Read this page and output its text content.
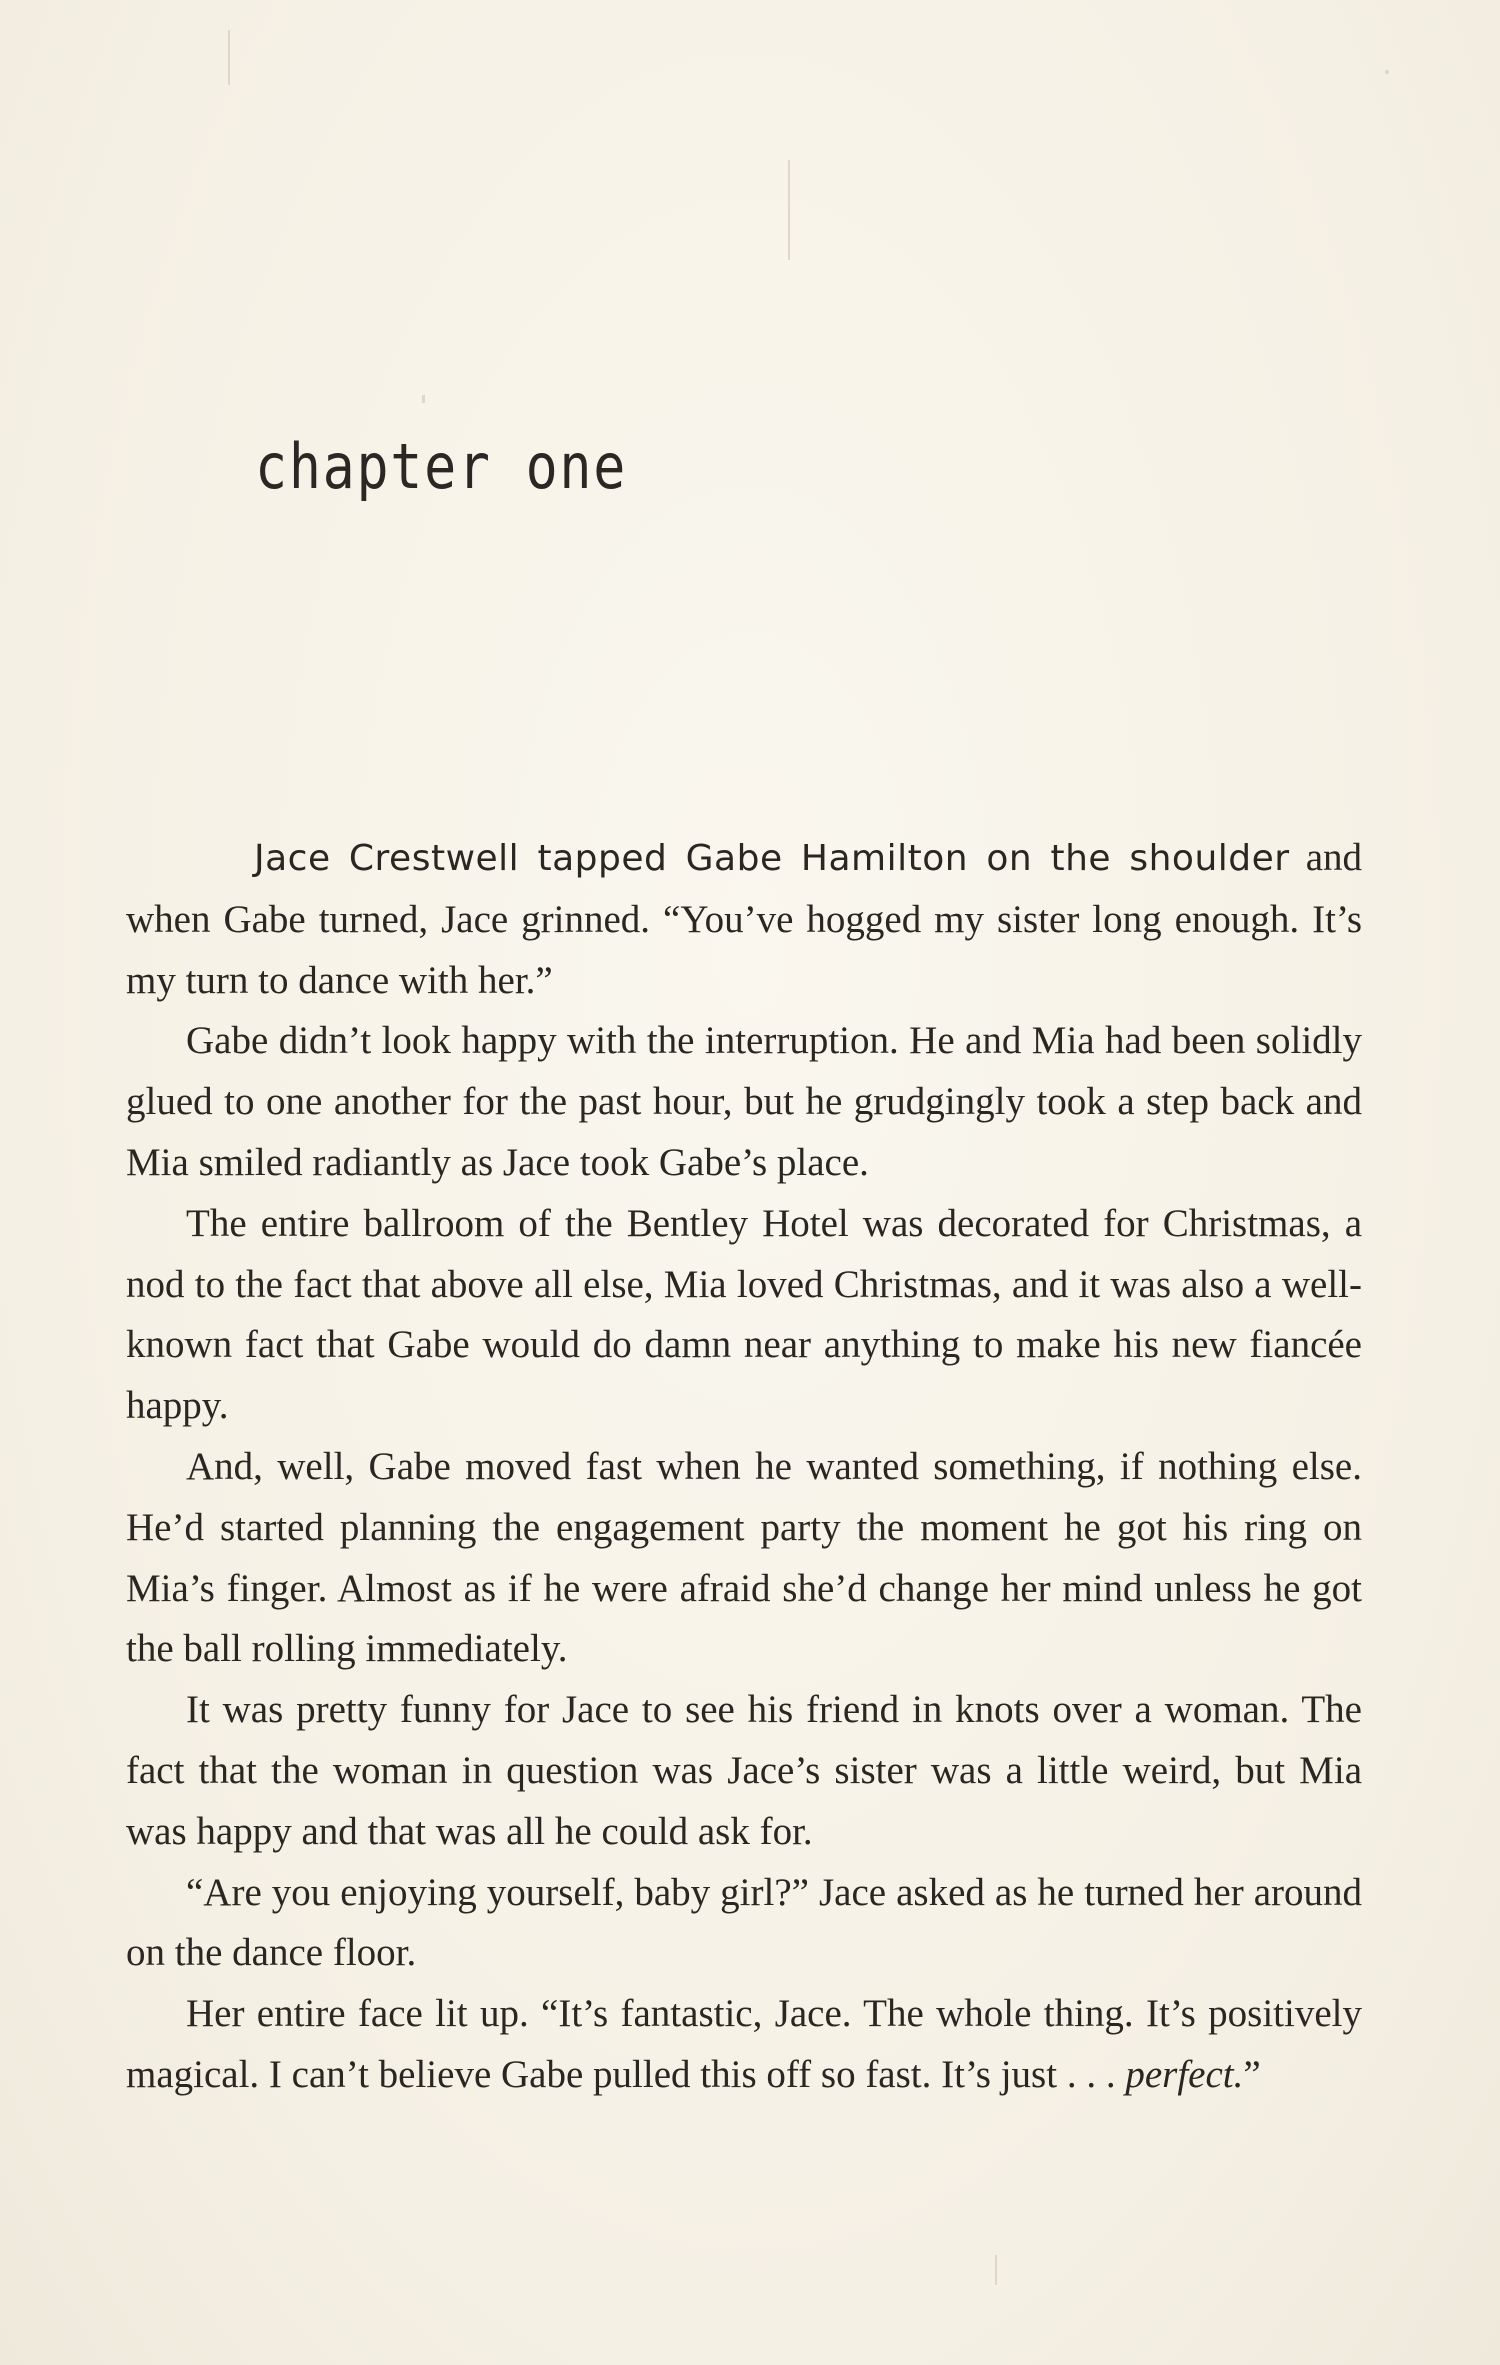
chapter one

Jace Crestwell tapped Gabe Hamilton on the shoulder and when Gabe turned, Jace grinned. “You’ve hogged my sister long enough. It’s my turn to dance with her.”

Gabe didn’t look happy with the interruption. He and Mia had been solidly glued to one another for the past hour, but he grudgingly took a step back and Mia smiled radiantly as Jace took Gabe’s place.

The entire ballroom of the Bentley Hotel was decorated for Christmas, a nod to the fact that above all else, Mia loved Christmas, and it was also a well-known fact that Gabe would do damn near anything to make his new fiancée happy.

And, well, Gabe moved fast when he wanted something, if nothing else. He’d started planning the engagement party the moment he got his ring on Mia’s finger. Almost as if he were afraid she’d change her mind unless he got the ball rolling immediately.

It was pretty funny for Jace to see his friend in knots over a woman. The fact that the woman in question was Jace’s sister was a little weird, but Mia was happy and that was all he could ask for.

“Are you enjoying yourself, baby girl?” Jace asked as he turned her around on the dance floor.

Her entire face lit up. “It’s fantastic, Jace. The whole thing. It’s positively magical. I can’t believe Gabe pulled this off so fast. It’s just . . . perfect.”
